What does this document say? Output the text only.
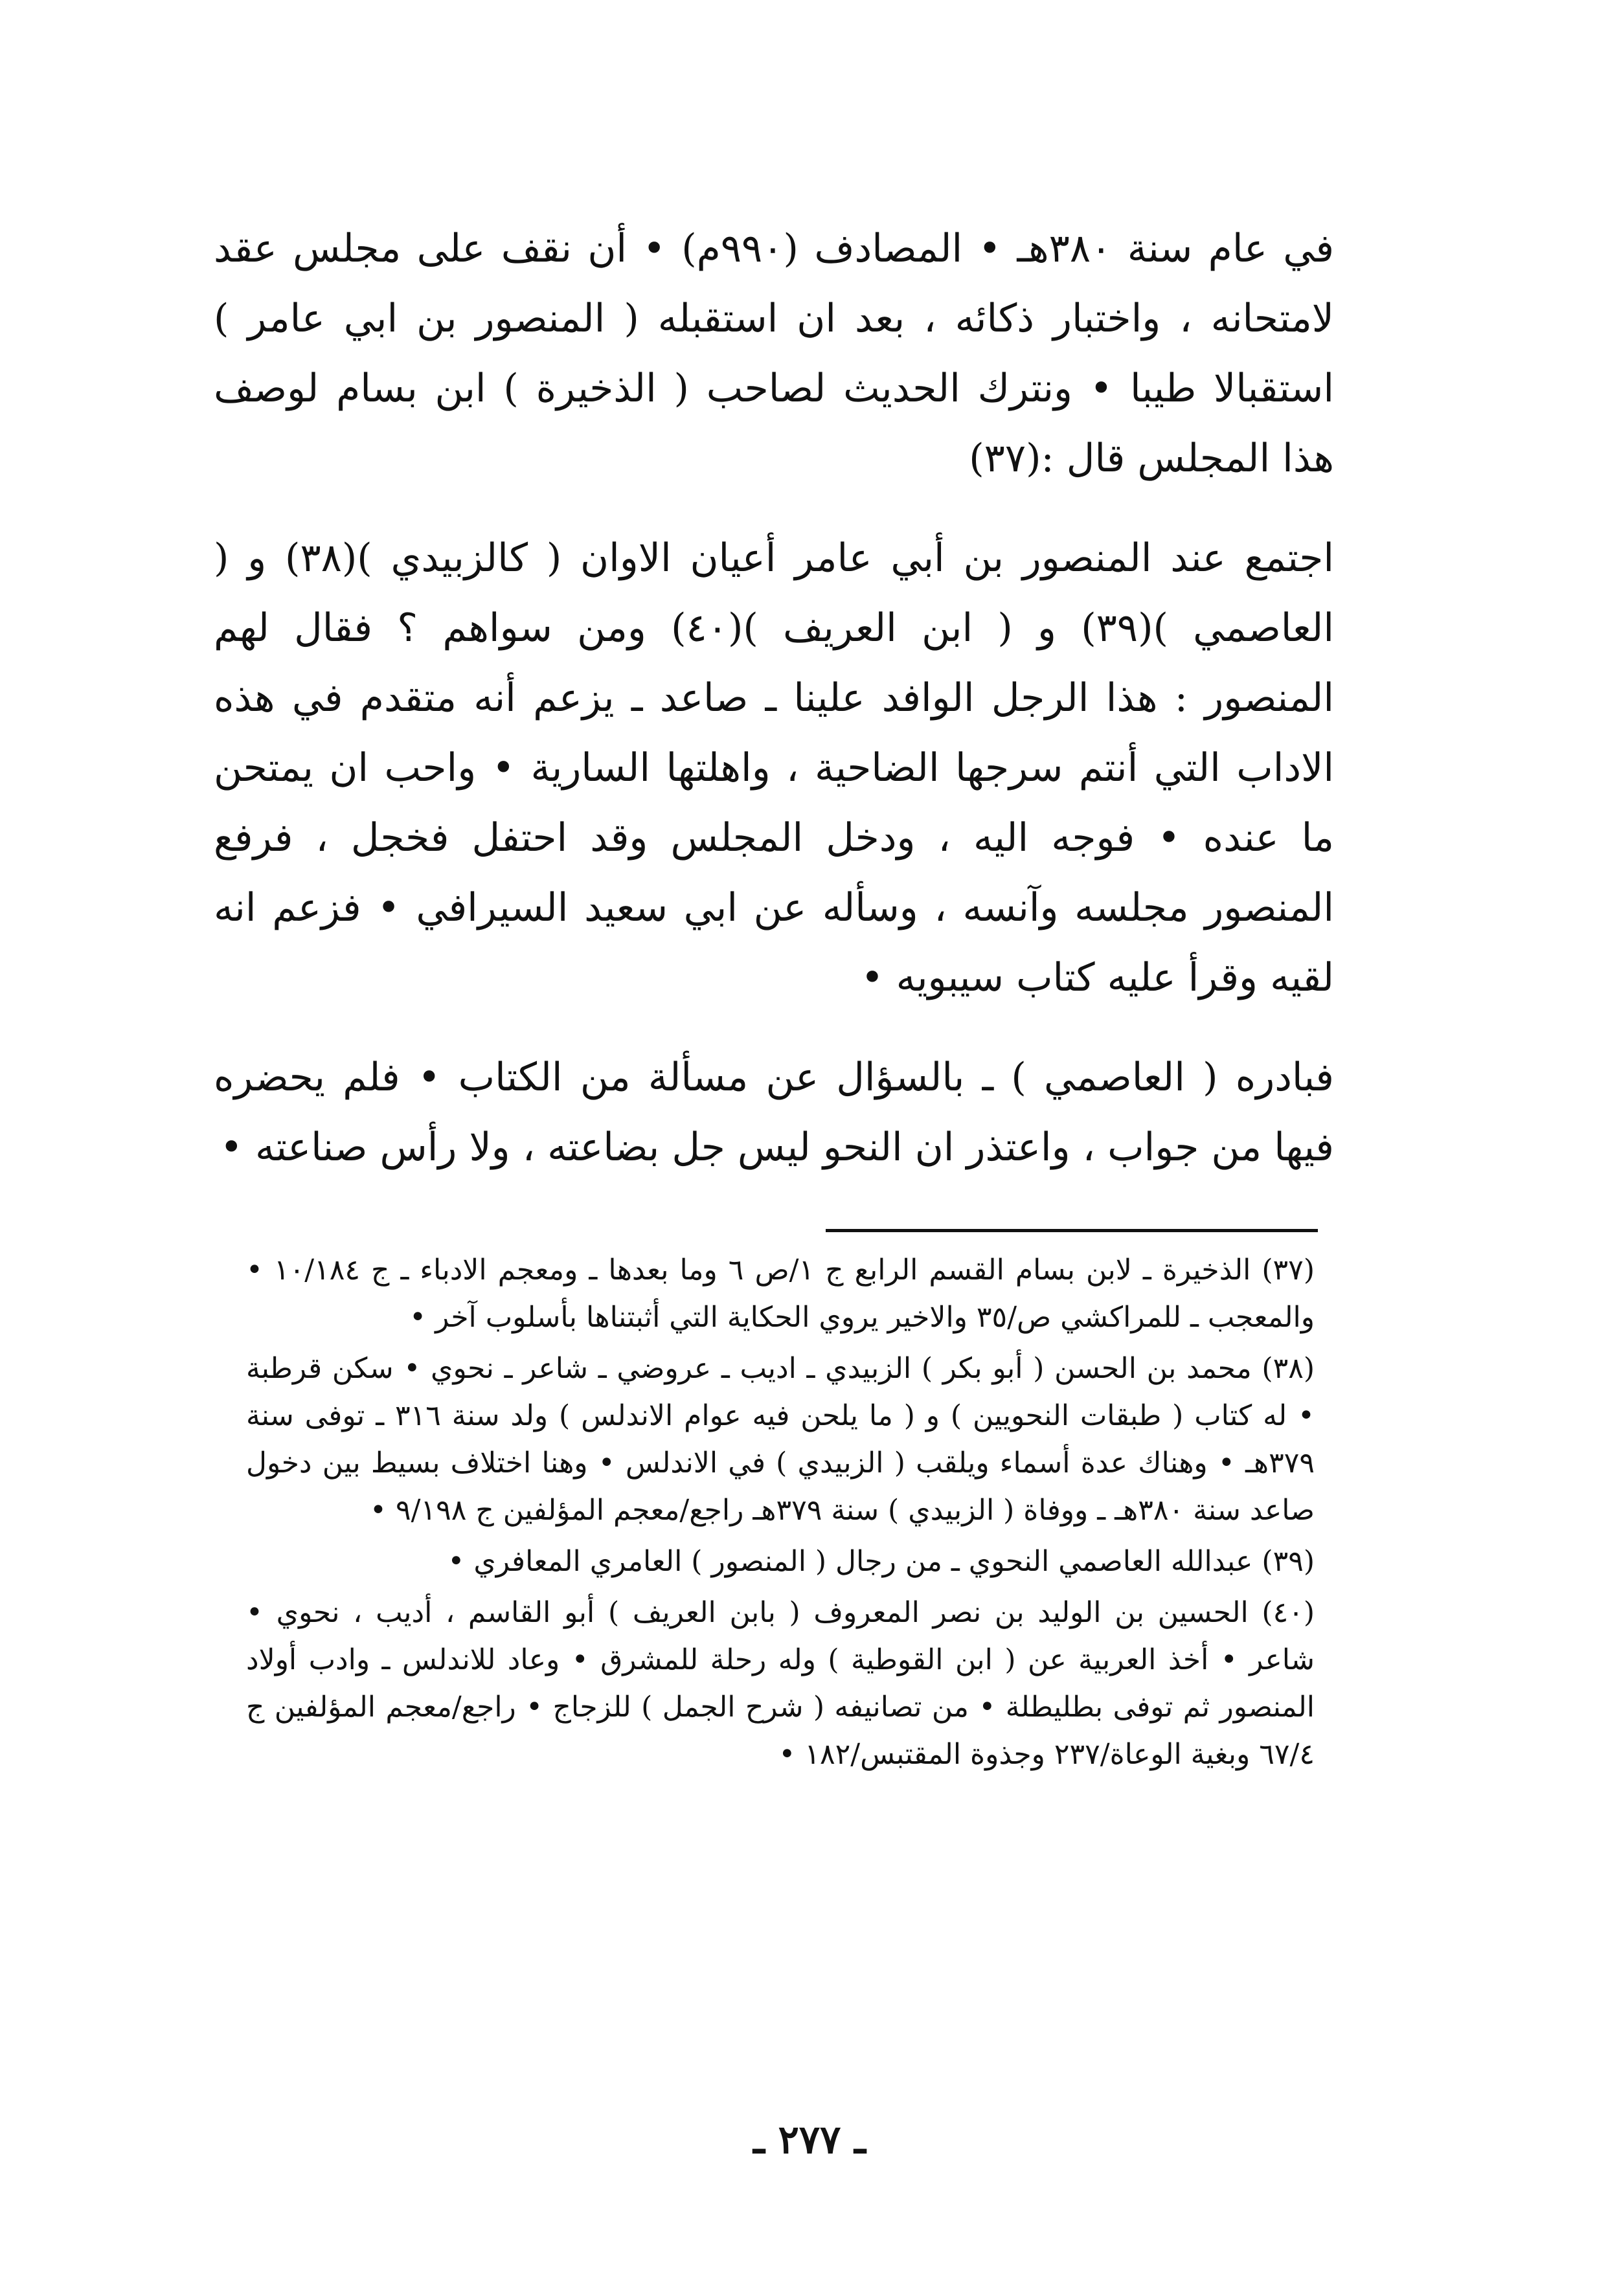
في عام سنة ٣٨٠هـ • المصادف (٩٩٠م) • أن نقف على مجلس عقد لامتحانه ، واختبار ذكائه ، بعد ان استقبله ( المنصور بن ابي عامر ) استقبالا طيبا • ونترك الحديث لصاحب ( الذخيرة ) ابن بسام لوصف هذا المجلس قال :(٣٧)

اجتمع عند المنصور بن أبي عامر أعيان الاوان ( كالزبيدي )(٣٨) و ( العاصمي )(٣٩) و ( ابن العريف )(٤٠) ومن سواهم ؟ فقال لهم المنصور : هذا الرجل الوافد علينا ـ صاعد ـ يزعم أنه متقدم في هذه الاداب التي أنتم سرجها الضاحية ، واهلتها السارية • واحب ان يمتحن ما عنده • فوجه اليه ، ودخل المجلس وقد احتفل فخجل ، فرفع المنصور مجلسه وآنسه ، وسأله عن ابي سعيد السيرافي • فزعم انه لقيه وقرأ عليه كتاب سيبويه •

فبادره ( العاصمي ) ـ بالسؤال عن مسألة من الكتاب • فلم يحضره فيها من جواب ، واعتذر ان النحو ليس جل بضاعته ، ولا رأس صناعته •

(٣٧) الذخيرة ـ لابن بسام القسم الرابع ج ١/ص ٦ وما بعدها ـ ومعجم الادباء ـ ج ١٠/١٨٤ • والمعجب ـ للمراكشي ص/٣٥ والاخير يروي الحكاية التي أثبتناها بأسلوب آخر •

(٣٨) محمد بن الحسن ( أبو بكر ) الزبيدي ـ اديب ـ عروضي ـ شاعر ـ نحوي • سكن قرطبة • له كتاب ( طبقات النحويين ) و ( ما يلحن فيه عوام الاندلس ) ولد سنة ٣١٦ ـ توفى سنة ٣٧٩هـ • وهناك عدة أسماء ويلقب ( الزبيدي ) في الاندلس • وهنا اختلاف بسيط بين دخول صاعد سنة ٣٨٠هـ ـ ووفاة ( الزبيدي ) سنة ٣٧٩هـ راجع/معجم المؤلفين ج ٩/١٩٨ •

(٣٩) عبدالله العاصمي النحوي ـ من رجال ( المنصور ) العامري المعافري •

(٤٠) الحسين بن الوليد بن نصر المعروف ( بابن العريف ) أبو القاسم ، أديب ، نحوي • شاعر • أخذ العربية عن ( ابن القوطية ) وله رحلة للمشرق • وعاد للاندلس ـ وادب أولاد المنصور ثم توفى بطليطلة • من تصانيفه ( شرح الجمل ) للزجاج • راجع/معجم المؤلفين ج ٦٧/٤ وبغية الوعاة/٢٣٧ وجذوة المقتبس/١٨٢ •

ـ ٢٧٧ ـ
